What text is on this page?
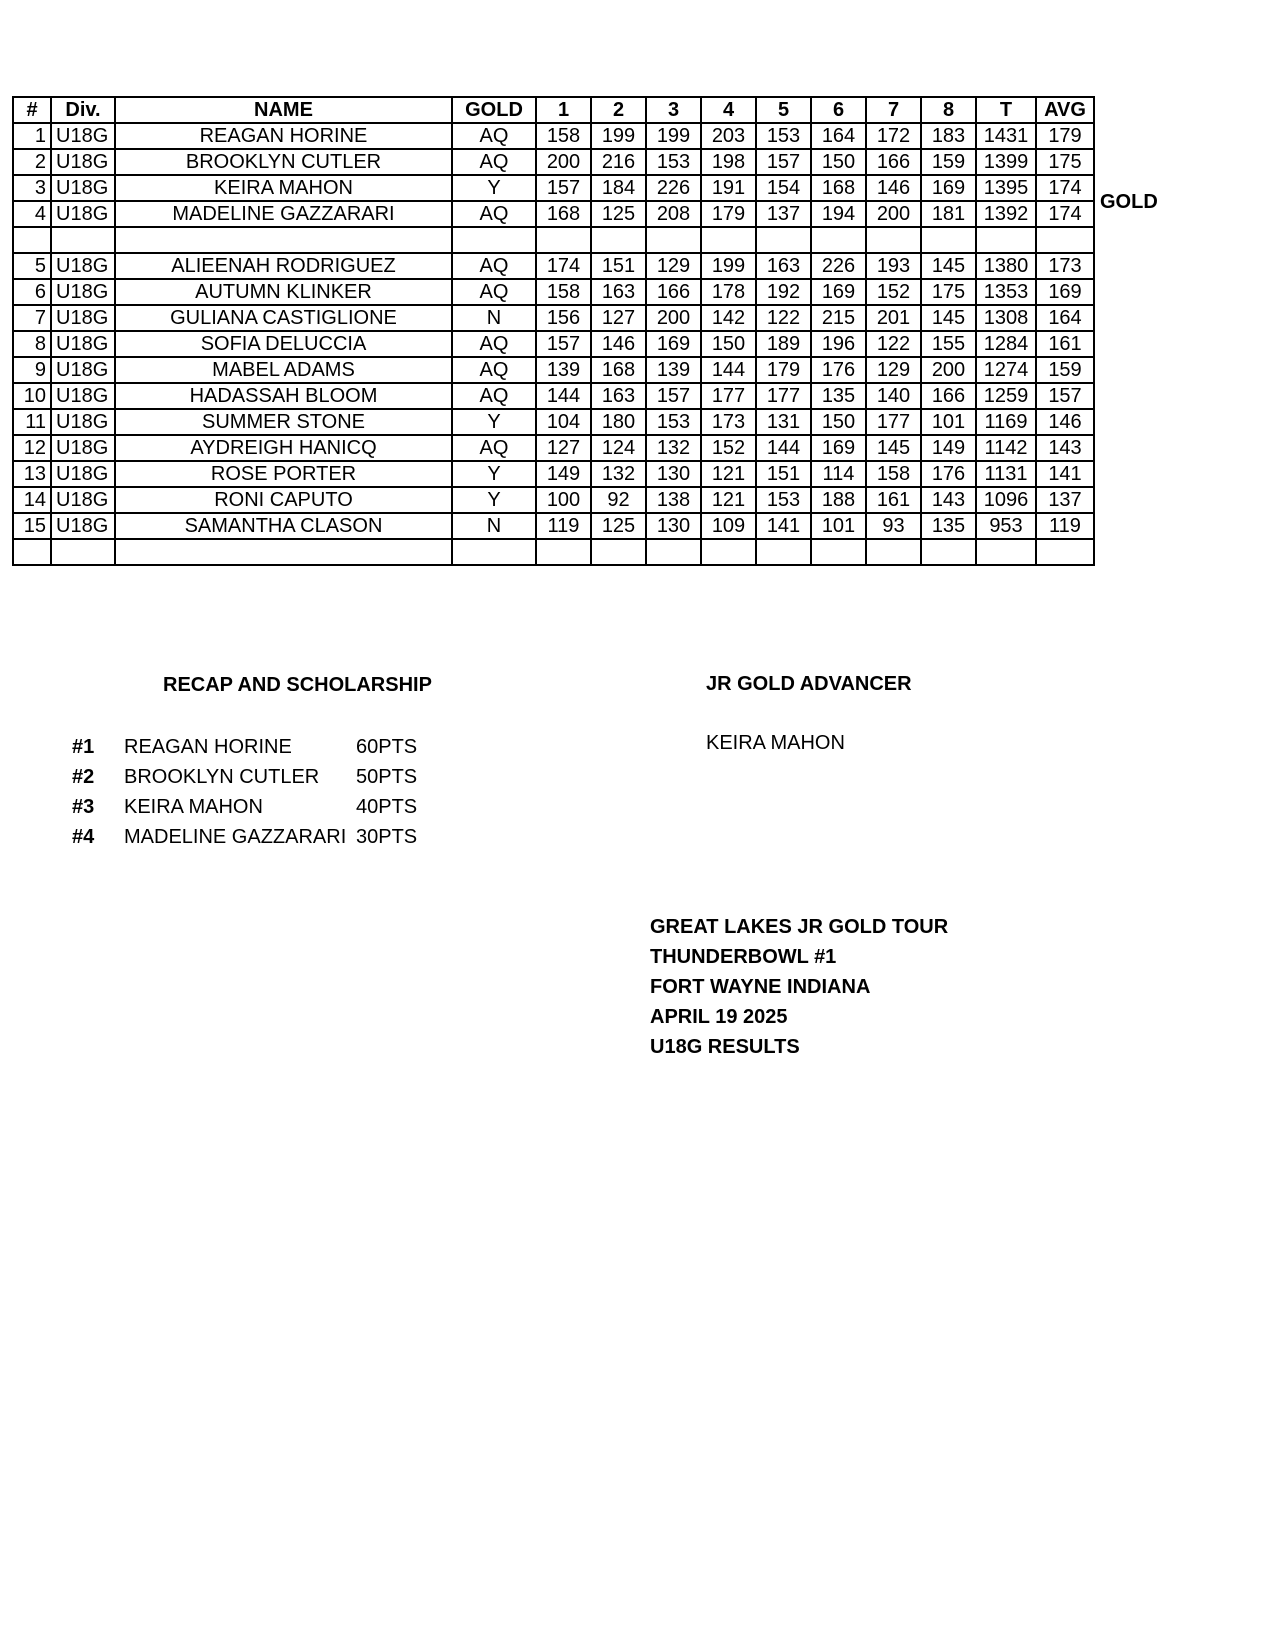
#	Div.	NAME	GOLD	1	2	3	4	5	6	7	8	T	AVG
1	U18G	REAGAN HORINE	AQ	158	199	199	203	153	164	172	183	1431	179
2	U18G	BROOKLYN CUTLER	AQ	200	216	153	198	157	150	166	159	1399	175
3	U18G	KEIRA MAHON	Y	157	184	226	191	154	168	146	169	1395	174
4	U18G	MADELINE GAZZARARI	AQ	168	125	208	179	137	194	200	181	1392	174

5	U18G	ALIEENAH RODRIGUEZ	AQ	174	151	129	199	163	226	193	145	1380	173
6	U18G	AUTUMN KLINKER	AQ	158	163	166	178	192	169	152	175	1353	169
7	U18G	GULIANA CASTIGLIONE	N	156	127	200	142	122	215	201	145	1308	164
8	U18G	SOFIA DELUCCIA	AQ	157	146	169	150	189	196	122	155	1284	161
9	U18G	MABEL ADAMS	AQ	139	168	139	144	179	176	129	200	1274	159
10	U18G	HADASSAH BLOOM	AQ	144	163	157	177	177	135	140	166	1259	157
11	U18G	SUMMER STONE	Y	104	180	153	173	131	150	177	101	1169	146
12	U18G	AYDREIGH HANICQ	AQ	127	124	132	152	144	169	145	149	1142	143
13	U18G	ROSE PORTER	Y	149	132	130	121	151	114	158	176	1131	141
14	U18G	RONI CAPUTO	Y	100	92	138	121	153	188	161	143	1096	137
15	U18G	SAMANTHA CLASON	N	119	125	130	109	141	101	93	135	953	119

GOLD
RECAP AND SCHOLARSHIP
#1	REAGAN HORINE	60PTS
#2	BROOKLYN CUTLER	50PTS
#3	KEIRA MAHON	40PTS
#4	MADELINE GAZZARARI 30PTS
JR GOLD ADVANCER
KEIRA MAHON
GREAT LAKES JR GOLD TOUR
THUNDERBOWL #1
FORT WAYNE INDIANA
APRIL 19 2025
U18G RESULTS
